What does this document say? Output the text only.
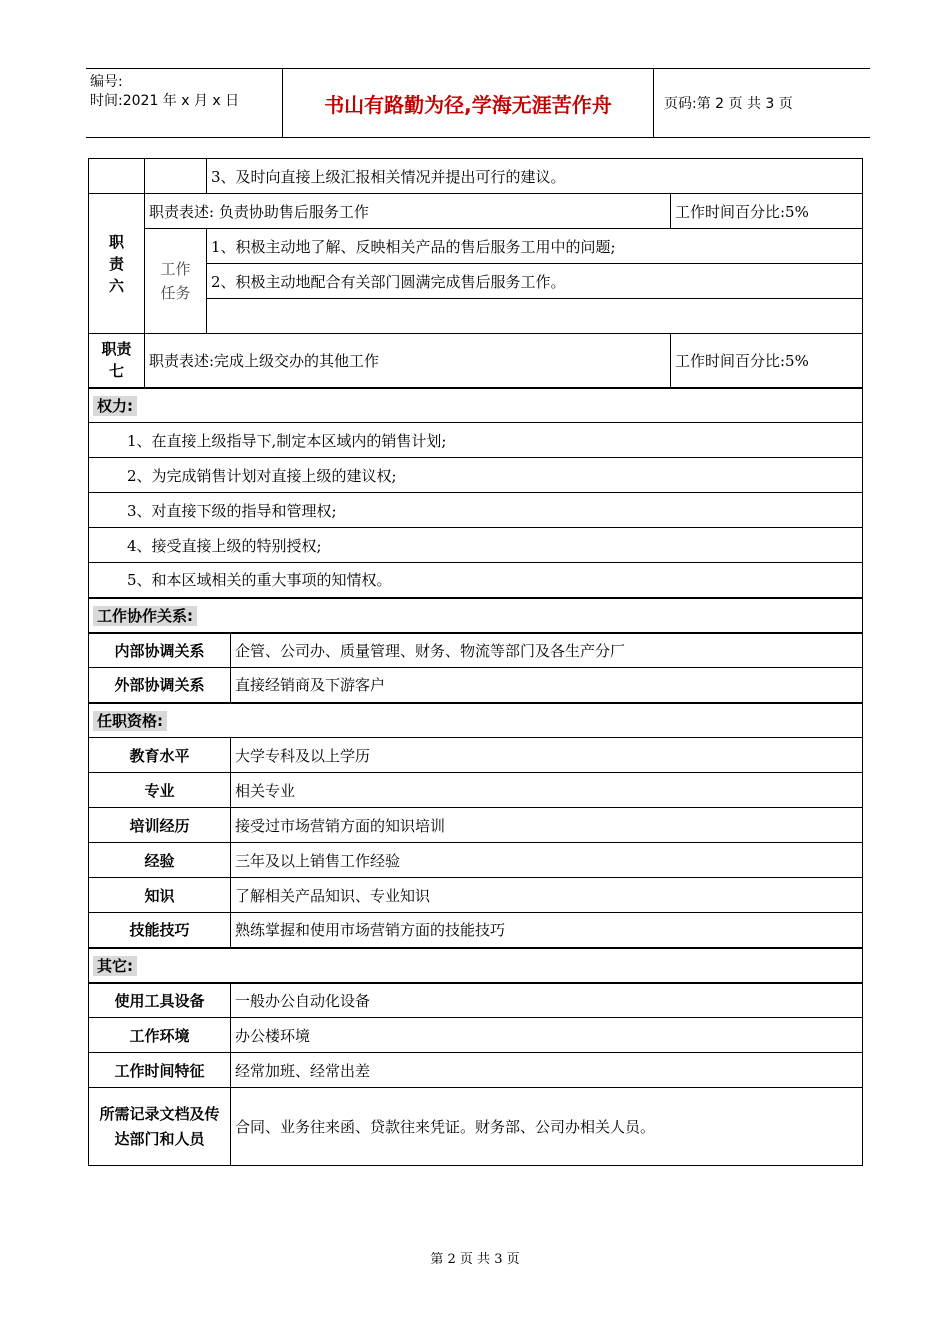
编号:
时间:2021 年 x 月 x 日	书山有路勤为径,学海无涯苦作舟	页码:第 2 页 共 3 页
		3、及时向直接上级汇报相关情况并提出可行的建议。		

职责六	职责表述: 负责协助售后服务工作			工作时间百分比:5%

	工作任务	1、积极主动地了解、反映相关产品的售后服务工用中的问题;		
		2、积极主动地配合有关部门圆满完成售后服务工作。		

职责七	职责表述:完成上级交办的其他工作			工作时间百分比:5%
权力:				
1、在直接上级指导下,制定本区域内的销售计划;				
2、为完成销售计划对直接上级的建议权;				
3、对直接下级的指导和管理权;				
4、接受直接上级的特别授权;				
5、和本区域相关的重大事项的知情权。				
工作协作关系:				
内部协调关系			企管、公司办、质量管理、财务、物流等部门及各生产分厂	
外部协调关系			直接经销商及下游客户	
任职资格:				
教育水平			大学专科及以上学历	
专业			相关专业	
培训经历			接受过市场营销方面的知识培训	
经验			三年及以上销售工作经验	
知识			了解相关产品知识、专业知识	
技能技巧			熟练掌握和使用市场营销方面的技能技巧	
其它:				
使用工具设备			一般办公自动化设备	
工作环境			办公楼环境	
工作时间特征			经常加班、经常出差	
所需记录文档及传达部门和人员			合同、业务往来函、贷款往来凭证。财务部、公司办相关人员。	
第 2 页 共 3 页
